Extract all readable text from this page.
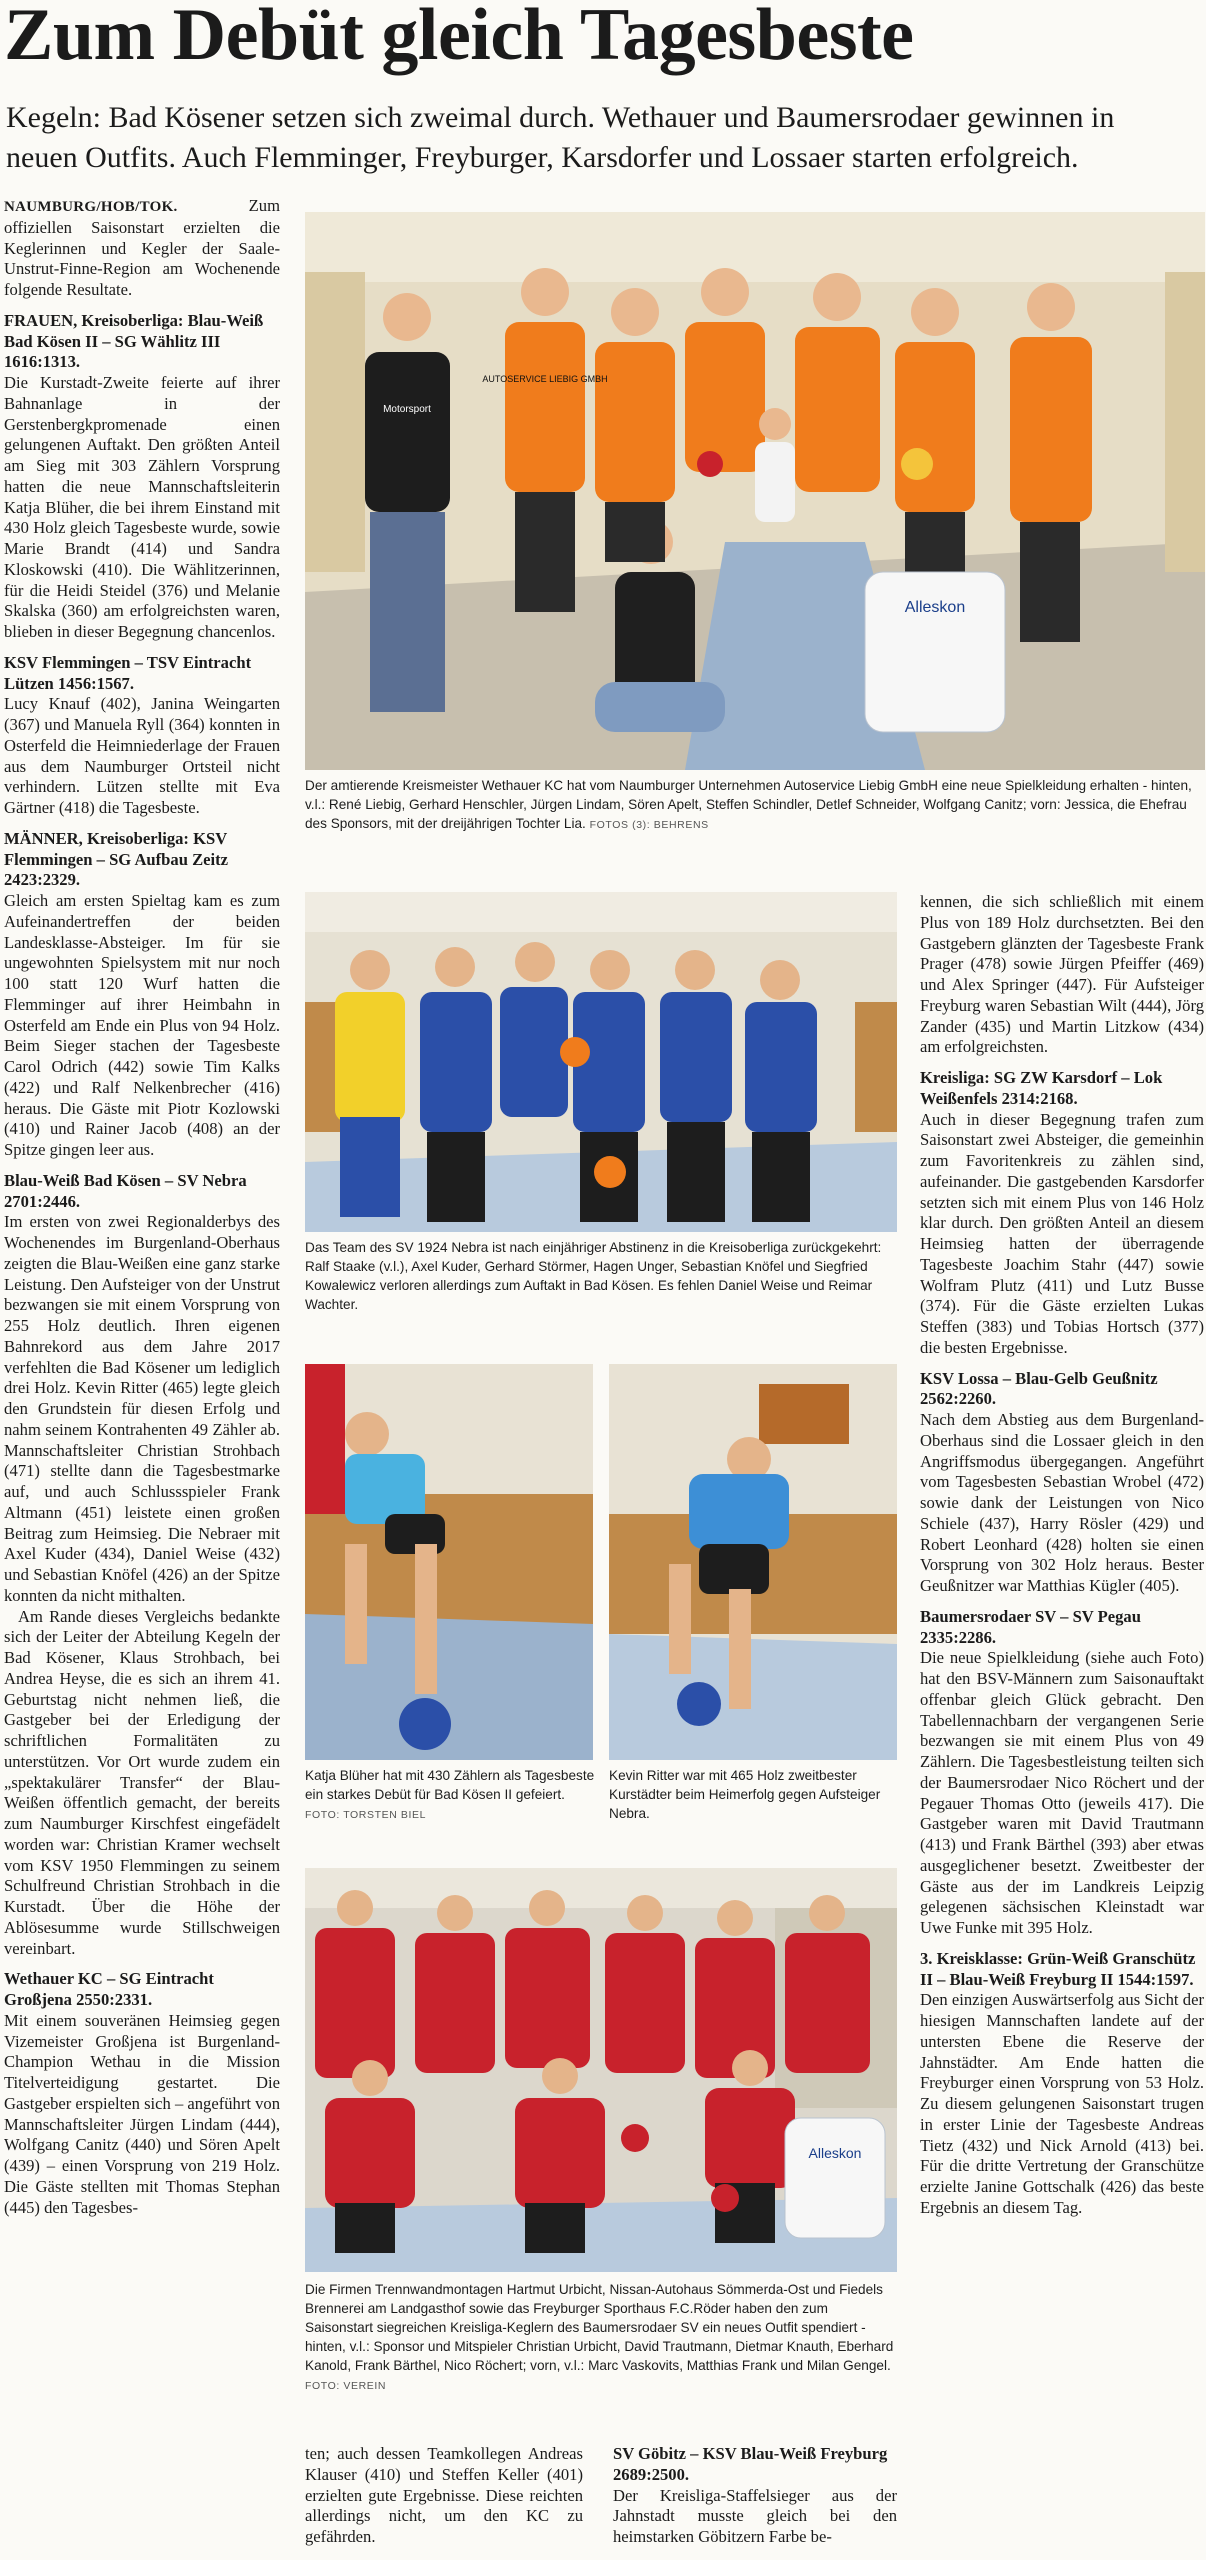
Zum Debüt gleich Tagesbeste

Kegeln: Bad Kösener setzen sich zweimal durch. Wethauer und Baumersrodaer gewinnen in neuen Outfits. Auch Flemminger, Freyburger, Karsdorfer und Lossaer starten erfolgreich.

NAUMBURG/HOB/TOK.	Zum offiziellen Saisonstart erzielten die Keglerinnen und Kegler der Saale-Unstrut-Finne-Region am Wochenende folgende Resultate.

FRAUEN, Kreisoberliga: Blau-Weiß Bad Kösen II – SG Wählitz III 1616:1313.

Die Kurstadt-Zweite feierte auf ihrer Bahnanlage in der Gerstenbergkpromenade einen gelungenen Auftakt. Den größten Anteil am Sieg mit 303 Zählern Vorsprung hatten die neue Mannschaftsleiterin Katja Blüher, die bei ihrem Einstand mit 430 Holz gleich Tagesbeste wurde, sowie Marie Brandt (414) und Sandra Kloskowski (410). Die Wählitzerinnen, für die Heidi Steidel (376) und Melanie Skalska (360) am erfolgreichsten waren, blieben in dieser Begegnung chancenlos.

KSV Flemmingen – TSV Eintracht Lützen 1456:1567.

Lucy Knauf (402), Janina Weingarten (367) und Manuela Ryll (364) konnten in Osterfeld die Heimniederlage der Frauen aus dem Naumburger Ortsteil nicht verhindern. Lützen stellte mit Eva Gärtner (418) die Tagesbeste.

MÄNNER, Kreisoberliga: KSV Flemmingen – SG Aufbau Zeitz 2423:2329.

Gleich am ersten Spieltag kam es zum Aufeinandertreffen der beiden Landesklasse-Absteiger. Im für sie ungewohnten Spielsystem mit nur noch 100 statt 120 Wurf hatten die Flemminger auf ihrer Heimbahn in Osterfeld am Ende ein Plus von 94 Holz. Beim Sieger stachen der Tagesbeste Carol Odrich (442) sowie Tim Kalks (422) und Ralf Nelkenbrecher (416) heraus. Die Gäste mit Piotr Kozlowski (410) und Rainer Jacob (408) an der Spitze gingen leer aus.

Blau-Weiß Bad Kösen – SV Nebra 2701:2446.

Im ersten von zwei Regionalderbys des Wochenendes im Burgenland-Oberhaus zeigten die Blau-Weißen eine ganz starke Leistung. Den Aufsteiger von der Unstrut bezwangen sie mit einem Vorsprung von 255 Holz deutlich. Ihren eigenen Bahnrekord aus dem Jahre 2017 verfehlten die Bad Kösener um lediglich drei Holz. Kevin Ritter (465) legte gleich den Grundstein für diesen Erfolg und nahm seinem Kontrahenten 49 Zähler ab. Mannschaftsleiter Christian Strohbach (471) stellte dann die Tagesbestmarke auf, und auch Schlussspieler Frank Altmann (451) leistete einen großen Beitrag zum Heimsieg. Die Nebraer mit Axel Kuder (434), Daniel Weise (432) und Sebastian Knöfel (426) an der Spitze konnten da nicht mithalten.

Am Rande dieses Vergleichs bedankte sich der Leiter der Abteilung Kegeln der Bad Kösener, Klaus Strohbach, bei Andrea Heyse, die es sich an ihrem 41. Geburtstag nicht nehmen ließ, die Gastgeber bei der Erledigung der schriftlichen Formalitäten zu unterstützen. Vor Ort wurde zudem ein „spektakulärer Transfer“ der Blau-Weißen öffentlich gemacht, der bereits zum Naumburger Kirschfest eingefädelt worden war: Christian Kramer wechselt vom KSV 1950 Flemmingen zu seinem Schulfreund Christian Strohbach in die Kurstadt. Über die Höhe der Ablösesumme wurde Stillschweigen vereinbart.

Wethauer KC – SG Eintracht Großjena 2550:2331.

Mit einem souveränen Heimsieg gegen Vizemeister Großjena ist Burgenland-Champion Wethau in die Mission Titelverteidigung gestartet. Die Gastgeber erspielten sich – angeführt von Mannschaftsleiter Jürgen Lindam (444), Wolfgang Canitz (440) und Sören Apelt (439) – einen Vorsprung von 219 Holz. Die Gäste stellten mit Thomas Stephan (445) den Tagesbes-

Alleskon
AUTOSERVICE LIEBIG GMBH
Motorsport

Der amtierende Kreismeister Wethauer KC hat vom Naumburger Unternehmen Autoservice Liebig GmbH eine neue Spielkleidung erhalten - hinten, v.l.: René Liebig, Gerhard Henschler, Jürgen Lindam, Sören Apelt, Steffen Schindler, Detlef Schneider, Wolfgang Canitz; vorn: Jessica, die Ehefrau des Sponsors, mit der dreijährigen Tochter Lia. FOTOS (3): BEHRENS

Das Team des SV 1924 Nebra ist nach einjähriger Abstinenz in die Kreisoberliga zurückgekehrt: Ralf Staake (v.l.), Axel Kuder, Gerhard Störmer, Hagen Unger, Sebastian Knöfel und Siegfried Kowalewicz verloren allerdings zum Auftakt in Bad Kösen. Es fehlen Daniel Weise und Reimar Wachter.

Katja Blüher hat mit 430 Zählern als Tagesbeste ein starkes Debüt für Bad Kösen II gefeiert. FOTO: TORSTEN BIEL

Kevin Ritter war mit 465 Holz zweitbester Kurstädter beim Heimerfolg gegen Aufsteiger Nebra.

Alleskon

Die Firmen Trennwandmontagen Hartmut Urbicht, Nissan-Autohaus Sömmerda-Ost und Fiedels Brennerei am Landgasthof sowie das Freyburger Sporthaus F.C.Röder haben den zum Saisonstart siegreichen Kreisliga-Keglern des Baumersrodaer SV ein neues Outfit spendiert - hinten, v.l.: Sponsor und Mitspieler Christian Urbicht, David Trautmann, Dietmar Knauth, Eberhard Kanold, Frank Bärthel, Nico Röchert; vorn, v.l.: Marc Vaskovits, Matthias Frank und Milan Gengel. FOTO: VEREIN

ten; auch dessen Teamkollegen Andreas Klauser (410) und Steffen Keller (401) erzielten gute Ergebnisse. Diese reichten allerdings nicht, um den KC zu gefährden.

SV Göbitz – KSV Blau-Weiß Freyburg 2689:2500.

Der Kreisliga-Staffelsieger aus der Jahnstadt musste gleich bei den heimstarken Göbitzern Farbe be-

kennen, die sich schließlich mit einem Plus von 189 Holz durchsetzten. Bei den Gastgebern glänzten der Tagesbeste Frank Prager (478) sowie Jürgen Pfeiffer (469) und Alex Springer (447). Für Aufsteiger Freyburg waren Sebastian Wilt (444), Jörg Zander (435) und Martin Litzkow (434) am erfolgreichsten.

Kreisliga: SG ZW Karsdorf – Lok Weißenfels 2314:2168.

Auch in dieser Begegnung trafen zum Saisonstart zwei Absteiger, die gemeinhin zum Favoritenkreis zu zählen sind, aufeinander. Die gastgebenden Karsdorfer setzten sich mit einem Plus von 146 Holz klar durch. Den größten Anteil an diesem Heimsieg hatten der überragende Tagesbeste Joachim Stahr (447) sowie Wolfram Plutz (411) und Lutz Busse (374). Für die Gäste erzielten Lukas Steffen (383) und Tobias Hortsch (377) die besten Ergebnisse.

KSV Lossa – Blau-Gelb Geußnitz 2562:2260.

Nach dem Abstieg aus dem Burgenland-Oberhaus sind die Lossaer gleich in den Angriffsmodus übergegangen. Angeführt vom Tagesbesten Sebastian Wrobel (472) sowie dank der Leistungen von Nico Schiele (437), Harry Rösler (429) und Robert Leonhard (428) holten sie einen Vorsprung von 302 Holz heraus. Bester Geußnitzer war Matthias Kügler (405).

Baumersrodaer SV – SV Pegau 2335:2286.

Die neue Spielkleidung (siehe auch Foto) hat den BSV-Männern zum Saisonauftakt offenbar gleich Glück gebracht. Den Tabellennachbarn der vergangenen Serie bezwangen sie mit einem Plus von 49 Zählern. Die Tagesbestleistung teilten sich der Baumersrodaer Nico Röchert und der Pegauer Thomas Otto (jeweils 417). Die Gastgeber waren mit David Trautmann (413) und Frank Bärthel (393) aber etwas ausgeglichener besetzt. Zweitbester der Gäste aus der im Landkreis Leipzig gelegenen sächsischen Kleinstadt war Uwe Funke mit 395 Holz.

3. Kreisklasse: Grün-Weiß Granschütz II – Blau-Weiß Freyburg II 1544:1597.

Den einzigen Auswärtserfolg aus Sicht der hiesigen Mannschaften landete auf der untersten Ebene die Reserve der Jahnstädter. Am Ende hatten die Freyburger einen Vorsprung von 53 Holz. Zu diesem gelungenen Saisonstart trugen in erster Linie der Tagesbeste Andreas Tietz (432) und Nick Arnold (413) bei. Für die dritte Vertretung der Granschütze erzielte Janine Gottschalk (426) das beste Ergebnis an diesem Tag.
